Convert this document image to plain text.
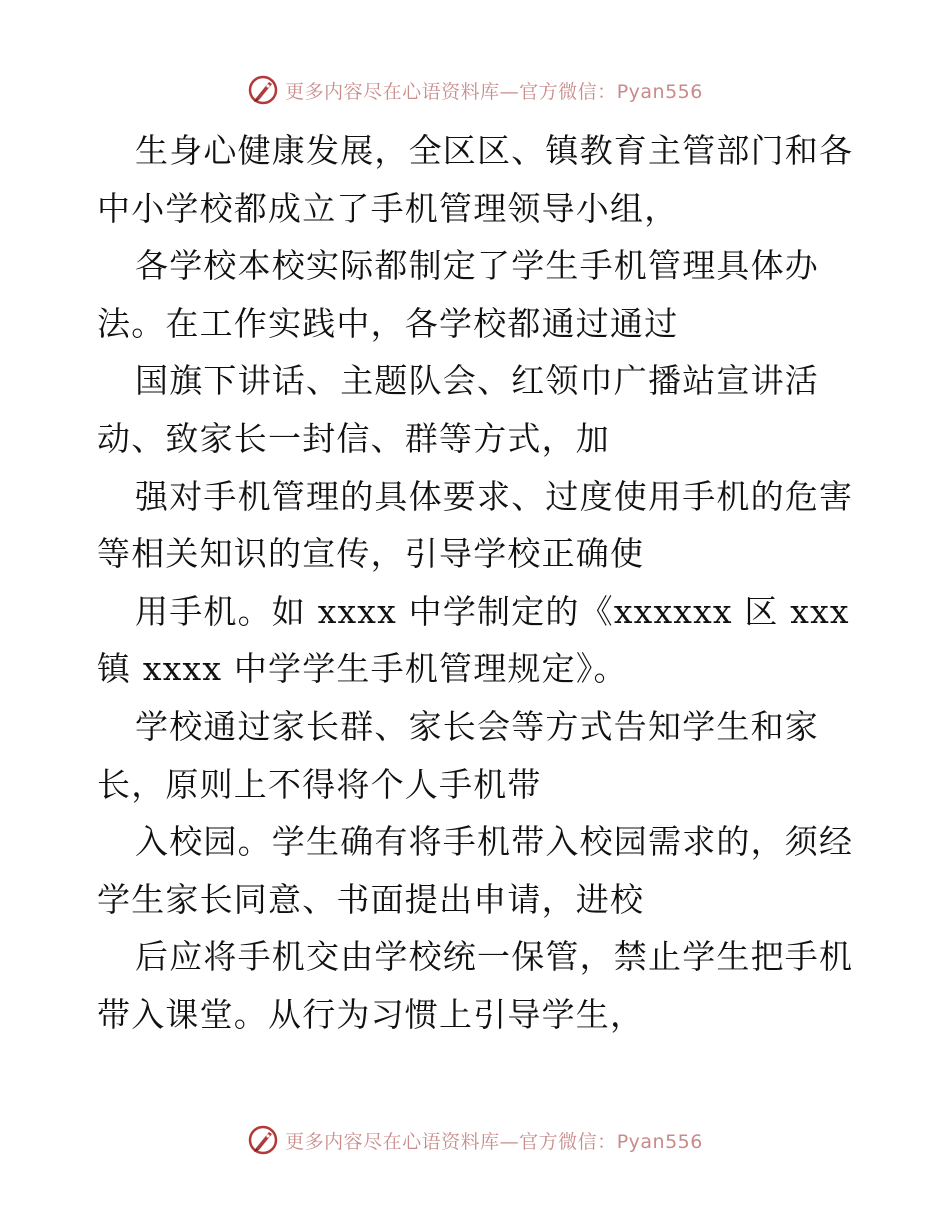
更多内容尽在心语资料库—官方微信：Pyan556
生身心健康发展，全区区、镇教育主管部门和各
中小学校都成立了手机管理领导小组，
各学校本校实际都制定了学生手机管理具体办
法。在工作实践中，各学校都通过通过
国旗下讲话、主题队会、红领巾广播站宣讲活
动、致家长一封信、群等方式，加
强对手机管理的具体要求、过度使用手机的危害
等相关知识的宣传，引导学校正确使
用手机。如 xxxx 中学制定的《xxxxxx 区 xxx
镇 xxxx 中学学生手机管理规定》。
学校通过家长群、家长会等方式告知学生和家
长，原则上不得将个人手机带
入校园。学生确有将手机带入校园需求的，须经
学生家长同意、书面提出申请，进校
后应将手机交由学校统一保管，禁止学生把手机
带入课堂。从行为习惯上引导学生，
更多内容尽在心语资料库—官方微信：Pyan556
